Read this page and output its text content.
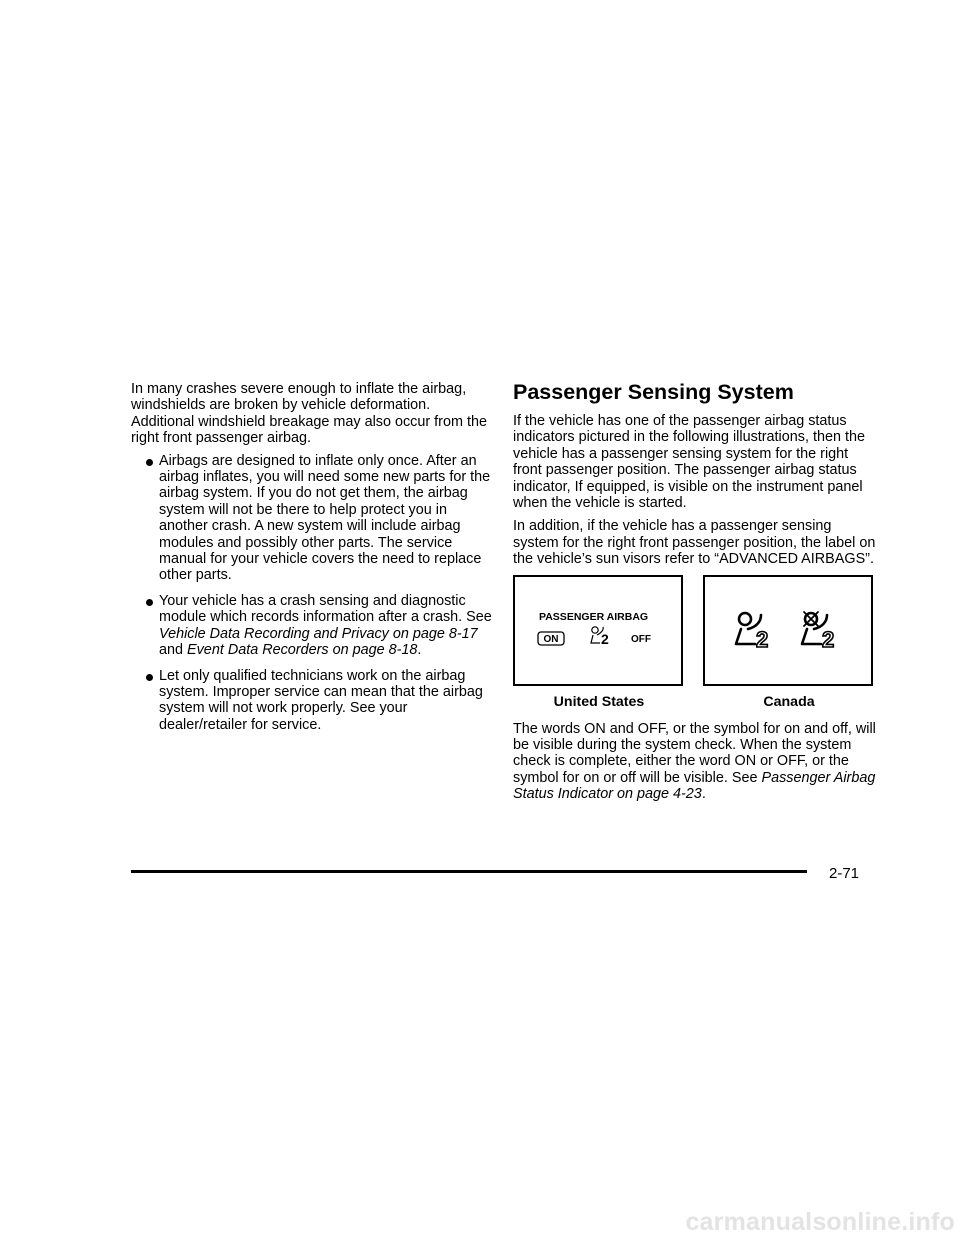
In many crashes severe enough to inflate the airbag, windshields are broken by vehicle deformation. Additional windshield breakage may also occur from the right front passenger airbag.

Airbags are designed to inflate only once. After an airbag inflates, you will need some new parts for the airbag system. If you do not get them, the airbag system will not be there to help protect you in another crash. A new system will include airbag modules and possibly other parts. The service manual for your vehicle covers the need to replace other parts.
Your vehicle has a crash sensing and diagnostic module which records information after a crash. See Vehicle Data Recording and Privacy on page 8-17 and Event Data Recorders on page 8-18.
Let only qualified technicians work on the airbag system. Improper service can mean that the airbag system will not work properly. See your dealer/retailer for service.
Passenger Sensing System

If the vehicle has one of the passenger airbag status indicators pictured in the following illustrations, then the vehicle has a passenger sensing system for the right front passenger position. The passenger airbag status indicator, If equipped, is visible on the instrument panel when the vehicle is started.

In addition, if the vehicle has a passenger sensing system for the right front passenger position, the label on the vehicle’s sun visors refer to “ADVANCED AIRBAGS”.

PASSENGER AIRBAG
ON	2 OFF
United States
2 2
Canada

The words ON and OFF, or the symbol for on and off, will be visible during the system check. When the system check is complete, either the word ON or OFF, or the symbol for on or off will be visible. See Passenger Airbag Status Indicator on page 4-23.

2-71
carmanualsonline.info
